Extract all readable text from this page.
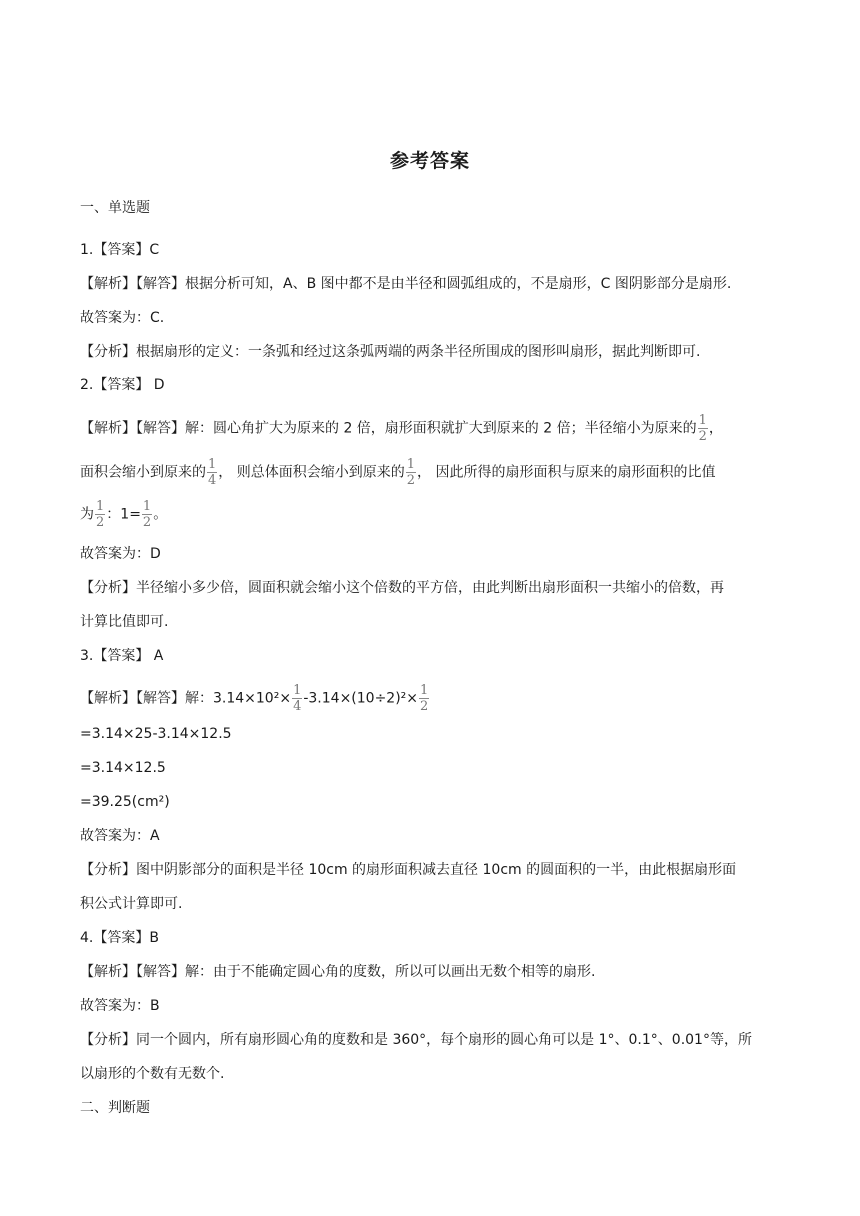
参考答案
一、单选题
1.【答案】C
【解析】【解答】根据分析可知，A、B 图中都不是由半径和圆弧组成的，不是扇形，C 图阴影部分是扇形.
故答案为：C.
【分析】根据扇形的定义：一条弧和经过这条弧两端的两条半径所围成的图形叫扇形，据此判断即可.
2.【答案】 D
【解析】【解答】解：圆心角扩大为原来的 2 倍，扇形面积就扩大到原来的 2 倍；半径缩小为原来的 $\frac{1}{2}$ ，
面积会缩小到原来的 $\frac{1}{4}$ ， 则总体面积会缩小到原来的 $\frac{1}{2}$ ， 因此所得的扇形面积与原来的扇形面积的比值
为 $\frac{1}{2}$ ：$1= \frac{1}{2}$ 。
故答案为：D
【分析】半径缩小多少倍，圆面积就会缩小这个倍数的平方倍，由此判断出扇形面积一共缩小的倍数，再
计算比值即可.
3.【答案】 A
【解析】【解答】解：$3.14\times 10^2\times \frac{1}{4} -3.14\times(10\div 2)^2\times \frac{1}{2}$
=3.14×25-3.14×12.5
=3.14×12.5
=39.25(cm²)
故答案为：A
【分析】图中阴影部分的面积是半径 10cm 的扇形面积减去直径 10cm 的圆面积的一半，由此根据扇形面
积公式计算即可.
4.【答案】B
【解析】【解答】解：由于不能确定圆心角的度数，所以可以画出无数个相等的扇形.
故答案为：B
【分析】同一个圆内，所有扇形圆心角的度数和是 360°，每个扇形的圆心角可以是 1°、0.1°、0.01°等，所
以扇形的个数有无数个.
二、判断题
